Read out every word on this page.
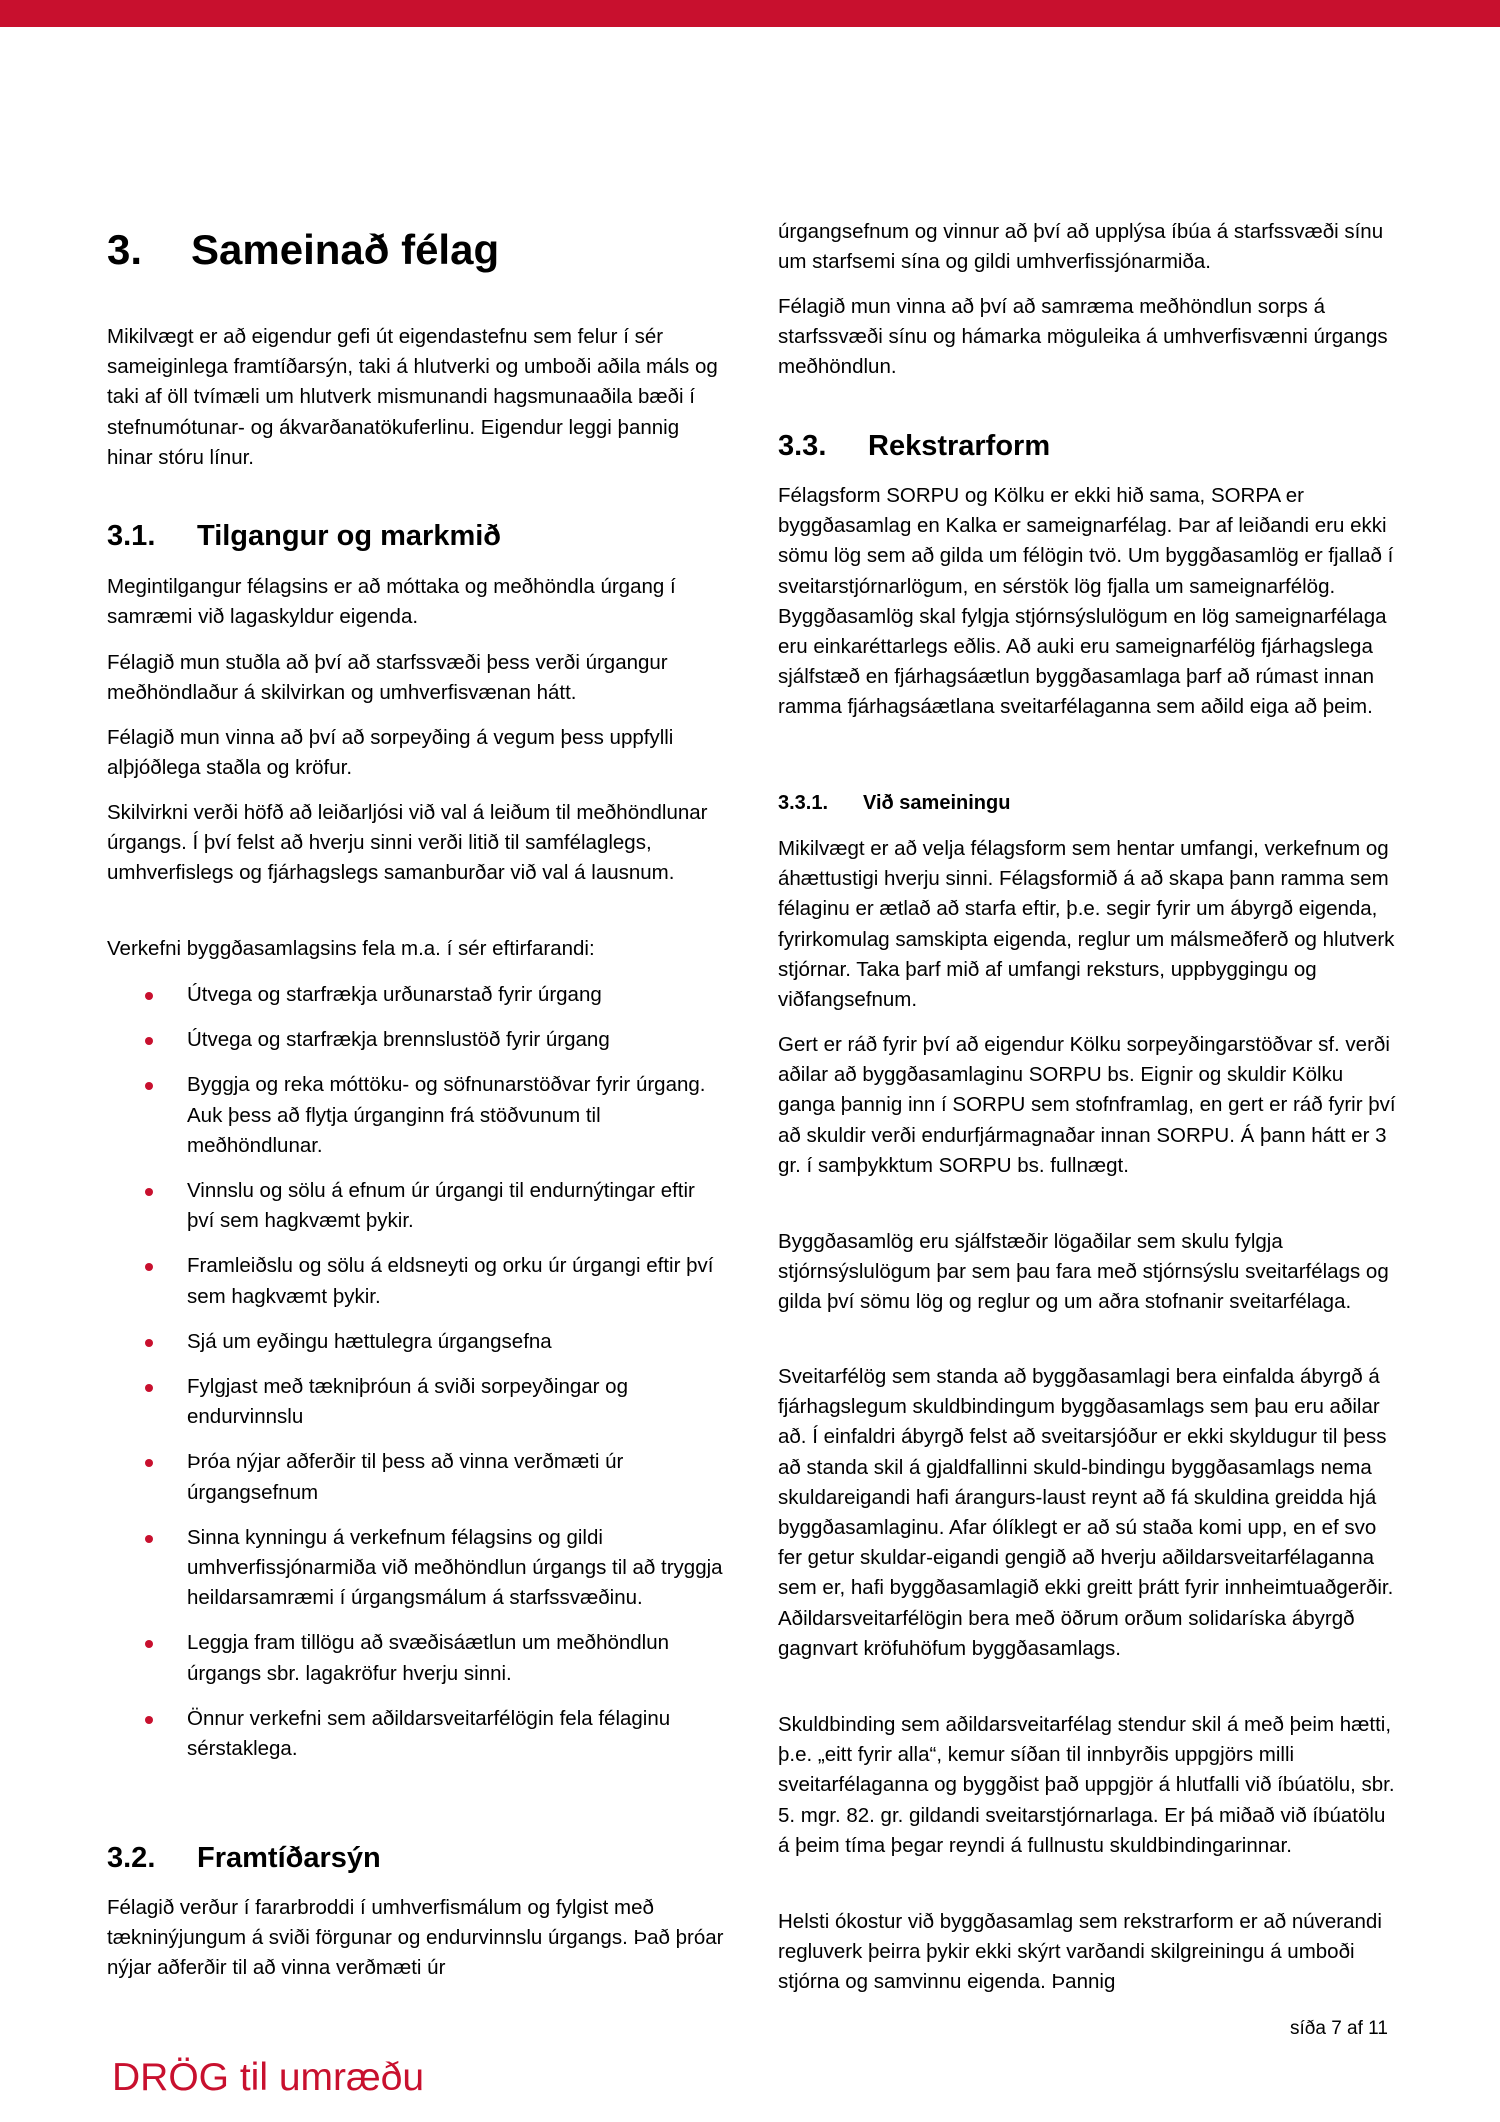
3. Sameinað félag

Mikilvægt er að eigendur gefi út eigendastefnu sem felur í sér sameiginlega framtíðarsýn, taki á hlutverki og umboði aðila máls og taki af öll tvímæli um hlutverk mismunandi hagsmunaaðila bæði í stefnumótunar- og ákvarðanatökuferlinu. Eigendur leggi þannig hinar stóru línur.

3.1. Tilgangur og markmið

Megintilgangur félagsins er að móttaka og meðhöndla úrgang í samræmi við lagaskyldur eigenda.

Félagið mun stuðla að því að starfssvæði þess verði úrgangur meðhöndlaður á skilvirkan og umhverfisvænan hátt.

Félagið mun vinna að því að sorpeyðing á vegum þess uppfylli alþjóðlega staðla og kröfur.

Skilvirkni verði höfð að leiðarljósi við val á leiðum til meðhöndlunar úrgangs. Í því felst að hverju sinni verði litið til samfélaglegs, umhverfislegs og fjárhagslegs samanburðar við val á lausnum.

Verkefni byggðasamlagsins fela m.a. í sér eftirfarandi:

Útvega og starfrækja urðunarstað fyrir úrgang
Útvega og starfrækja brennslustöð fyrir úrgang
Byggja og reka móttöku- og söfnunarstöðvar fyrir úrgang. Auk þess að flytja úrganginn frá stöðvunum til meðhöndlunar.
Vinnslu og sölu á efnum úr úrgangi til endurnýtingar eftir því sem hagkvæmt þykir.
Framleiðslu og sölu á eldsneyti og orku úr úrgangi eftir því sem hagkvæmt þykir.
Sjá um eyðingu hættulegra úrgangsefna
Fylgjast með tækniþróun á sviði sorpeyðingar og endurvinnslu
Þróa nýjar aðferðir til þess að vinna verðmæti úr úrgangsefnum
Sinna kynningu á verkefnum félagsins og gildi umhverfissjónarmiða við meðhöndlun úrgangs til að tryggja heildarsamræmi í úrgangsmálum á starfssvæðinu.
Leggja fram tillögu að svæðisáætlun um meðhöndlun úrgangs sbr. lagakröfur hverju sinni.
Önnur verkefni sem aðildarsveitarfélögin fela félaginu sérstaklega.
3.2. Framtíðarsýn

Félagið verður í fararbroddi í umhverfismálum og fylgist með tækninýjungum á sviði förgunar og endurvinnslu úrgangs. Það þróar nýjar aðferðir til að vinna verðmæti úr

úrgangsefnum og vinnur að því að upplýsa íbúa á starfssvæði sínu um starfsemi sína og gildi umhverfissjónarmiða.

Félagið mun vinna að því að samræma meðhöndlun sorps á starfssvæði sínu og hámarka möguleika á umhverfisvænni úrgangs meðhöndlun.

3.3. Rekstrarform

Félagsform SORPU og Kölku er ekki hið sama, SORPA er byggðasamlag en Kalka er sameignarfélag. Þar af leiðandi eru ekki sömu lög sem að gilda um félögin tvö. Um byggðasamlög er fjallað í sveitarstjórnarlögum, en sérstök lög fjalla um sameignarfélög. Byggðasamlög skal fylgja stjórnsýslulögum en lög sameignarfélaga eru einkaréttarlegs eðlis. Að auki eru sameignarfélög fjárhagslega sjálfstæð en fjárhagsáætlun byggðasamlaga þarf að rúmast innan ramma fjárhagsáætlana sveitarfélaganna sem aðild eiga að þeim.

3.3.1. Við sameiningu

Mikilvægt er að velja félagsform sem hentar umfangi, verkefnum og áhættustigi hverju sinni. Félagsformið á að skapa þann ramma sem félaginu er ætlað að starfa eftir, þ.e. segir fyrir um ábyrgð eigenda, fyrirkomulag samskipta eigenda, reglur um málsmeðferð og hlutverk stjórnar. Taka þarf mið af umfangi reksturs, uppbyggingu og viðfangsefnum.

Gert er ráð fyrir því að eigendur Kölku sorpeyðingarstöðvar sf. verði aðilar að byggðasamlaginu SORPU bs. Eignir og skuldir Kölku ganga þannig inn í SORPU sem stofnframlag, en gert er ráð fyrir því að skuldir verði endurfjármagnaðar innan SORPU. Á þann hátt er 3 gr. í samþykktum SORPU bs. fullnægt.

Byggðasamlög eru sjálfstæðir lögaðilar sem skulu fylgja stjórnsýslulögum þar sem þau fara með stjórnsýslu sveitarfélags og gilda því sömu lög og reglur og um aðra stofnanir sveitarfélaga.

Sveitarfélög sem standa að byggðasamlagi bera einfalda ábyrgð á fjárhagslegum skuldbindingum byggðasamlags sem þau eru aðilar að. Í einfaldri ábyrgð felst að sveitarsjóður er ekki skyldugur til þess að standa skil á gjaldfallinni skuld-bindingu byggðasamlags nema skuldareigandi hafi árangurs-laust reynt að fá skuldina greidda hjá byggðasamlaginu. Afar ólíklegt er að sú staða komi upp, en ef svo fer getur skuldar-eigandi gengið að hverju aðildarsveitarfélaganna sem er, hafi byggðasamlagið ekki greitt þrátt fyrir innheimtuaðgerðir. Aðildarsveitarfélögin bera með öðrum orðum solidaríska ábyrgð gagnvart kröfuhöfum byggðasamlags.

Skuldbinding sem aðildarsveitarfélag stendur skil á með þeim hætti, þ.e. „eitt fyrir alla“, kemur síðan til innbyrðis uppgjörs milli sveitarfélaganna og byggðist það uppgjör á hlutfalli við íbúatölu, sbr. 5. mgr. 82. gr. gildandi sveitarstjórnarlaga. Er þá miðað við íbúatölu á þeim tíma þegar reyndi á fullnustu skuldbindingarinnar.

Helsti ókostur við byggðasamlag sem rekstrarform er að núverandi regluverk þeirra þykir ekki skýrt varðandi skilgreiningu á umboði stjórna og samvinnu eigenda. Þannig

síða 7 af 11
DRÖG til umræðu
